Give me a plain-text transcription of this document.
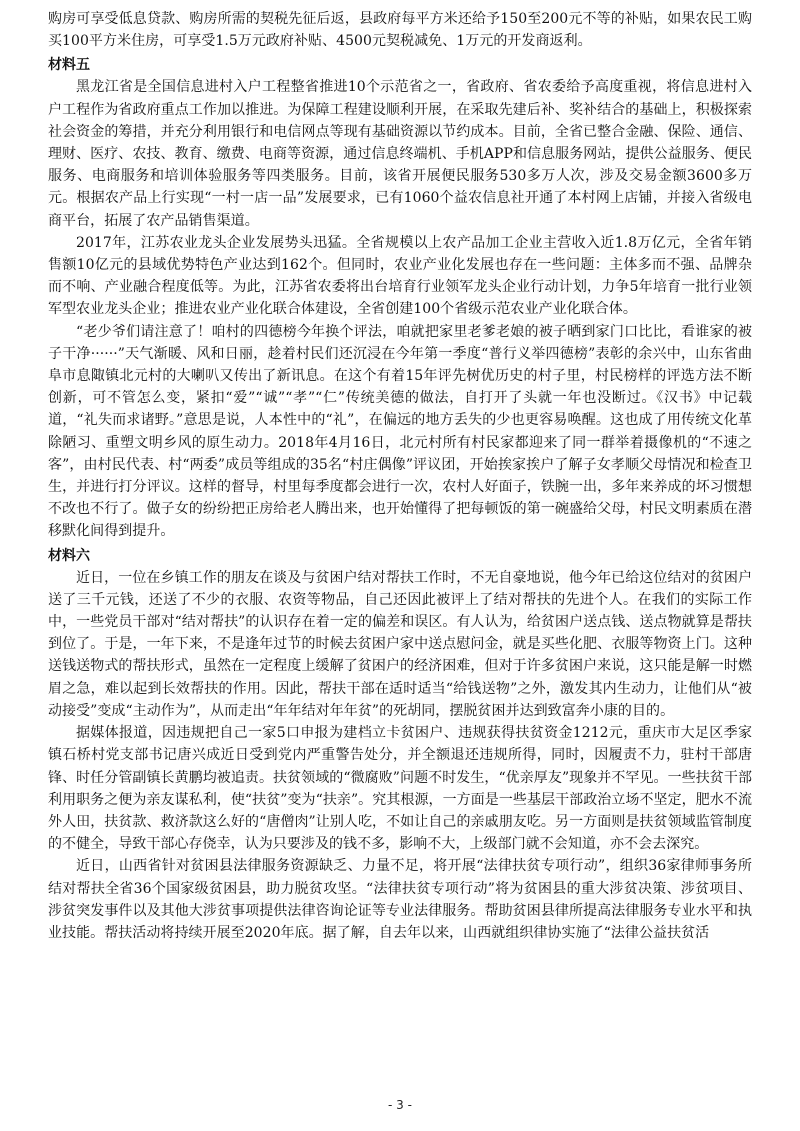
购房可享受低息贷款、购房所需的契税先征后返，县政府每平方米还给予150至200元不等的补贴，如果农民工购买100平方米住房，可享受1.5万元政府补贴、4500元契税减免、1万元的开发商返利。

材料五

黑龙江省是全国信息进村入户工程整省推进10个示范省之一，省政府、省农委给予高度重视，将信息进村入户工程作为省政府重点工作加以推进。为保障工程建设顺利开展，在采取先建后补、奖补结合的基础上，积极探索社会资金的筹措，并充分利用银行和电信网点等现有基础资源以节约成本。目前，全省已整合金融、保险、通信、理财、医疗、农技、教育、缴费、电商等资源，通过信息终端机、手机APP和信息服务网站，提供公益服务、便民服务、电商服务和培训体验服务等四类服务。目前，该省开展便民服务530多万人次，涉及交易金额3600多万元。根据农产品上行实现“一村一店一品”发展要求，已有1060个益农信息社开通了本村网上店铺，并接入省级电商平台，拓展了农产品销售渠道。

2017年，江苏农业龙头企业发展势头迅猛。全省规模以上农产品加工企业主营收入近1.8万亿元，全省年销售额10亿元的县域优势特色产业达到162个。但同时，农业产业化发展也存在一些问题：主体多而不强、品牌杂而不响、产业融合程度低等。为此，江苏省农委将出台培育行业领军龙头企业行动计划，力争5年培育一批行业领军型农业龙头企业；推进农业产业化联合体建设，全省创建100个省级示范农业产业化联合体。

“老少爷们请注意了！咱村的四德榜今年换个评法，咱就把家里老爹老娘的被子晒到家门口比比，看谁家的被子干净······”天气渐暖、风和日丽，趁着村民们还沉浸在今年第一季度“普行义举四德榜”表彰的余兴中，山东省曲阜市息陬镇北元村的大喇叭又传出了新讯息。在这个有着15年评先树优历史的村子里，村民榜样的评选方法不断创新，可不管怎么变，紧扣“爱”“诚”“孝”“仁”传统美德的做法，自打开了头就一年也没断过。《汉书》中记载道，“礼失而求诸野。”意思是说，人本性中的“礼”，在偏远的地方丢失的少也更容易唤醒。这也成了用传统文化革除陋习、重塑文明乡风的原生动力。2018年4月16日，北元村所有村民家都迎来了同一群举着摄像机的“不速之客”，由村民代表、村“两委”成员等组成的35名“村庄偶像”评议团，开始挨家挨户了解子女孝顺父母情况和检查卫生，并进行打分评议。这样的督导，村里每季度都会进行一次，农村人好面子，铁腕一出，多年来养成的坏习惯想不改也不行了。做子女的纷纷把正房给老人腾出来，也开始懂得了把每顿饭的第一碗盛给父母，村民文明素质在潜移默化间得到提升。

材料六

近日，一位在乡镇工作的朋友在谈及与贫困户结对帮扶工作时，不无自豪地说，他今年已给这位结对的贫困户送了三千元钱，还送了不少的衣服、农资等物品，自己还因此被评上了结对帮扶的先进个人。在我们的实际工作中，一些党员干部对“结对帮扶”的认识存在着一定的偏差和误区。有人认为，给贫困户送点钱、送点物就算是帮扶到位了。于是，一年下来，不是逢年过节的时候去贫困户家中送点慰问金，就是买些化肥、衣服等物资上门。这种送钱送物式的帮扶形式，虽然在一定程度上缓解了贫困户的经济困难，但对于许多贫困户来说，这只能是解一时燃眉之急，难以起到长效帮扶的作用。因此，帮扶干部在适时适当“给钱送物”之外，激发其内生动力，让他们从“被动接受”变成“主动作为”，从而走出“年年结对年年贫”的死胡同，摆脱贫困并达到致富奔小康的目的。

据媒体报道，因违规把自己一家5口申报为建档立卡贫困户、违规获得扶贫资金1212元，重庆市大足区季家镇石桥村党支部书记唐兴成近日受到党内严重警告处分，并全额退还违规所得，同时，因履责不力，驻村干部唐锋、时任分管副镇长黄鹏均被追责。扶贫领域的“微腐败”问题不时发生，“优亲厚友”现象并不罕见。一些扶贫干部利用职务之便为亲友谋私利，使“扶贫”变为“扶亲”。究其根源，一方面是一些基层干部政治立场不坚定，肥水不流外人田，扶贫款、救济款这么好的“唐僧肉”让别人吃，不如让自己的亲戚朋友吃。另一方面则是扶贫领域监管制度的不健全，导致干部心存侥幸，认为只要涉及的钱不多，影响不大，上级部门就不会知道，亦不会去深究。

近日，山西省针对贫困县法律服务资源缺乏、力量不足，将开展“法律扶贫专项行动”，组织36家律师事务所结对帮扶全省36个国家级贫困县，助力脱贫攻坚。“法律扶贫专项行动”将为贫困县的重大涉贫决策、涉贫项目、涉贫突发事件以及其他大涉贫事项提供法律咨询论证等专业法律服务。帮助贫困县律所提高法律服务专业水平和执业技能。帮扶活动将持续开展至2020年底。据了解，自去年以来，山西就组织律协实施了“法律公益扶贫活

- 3 -
